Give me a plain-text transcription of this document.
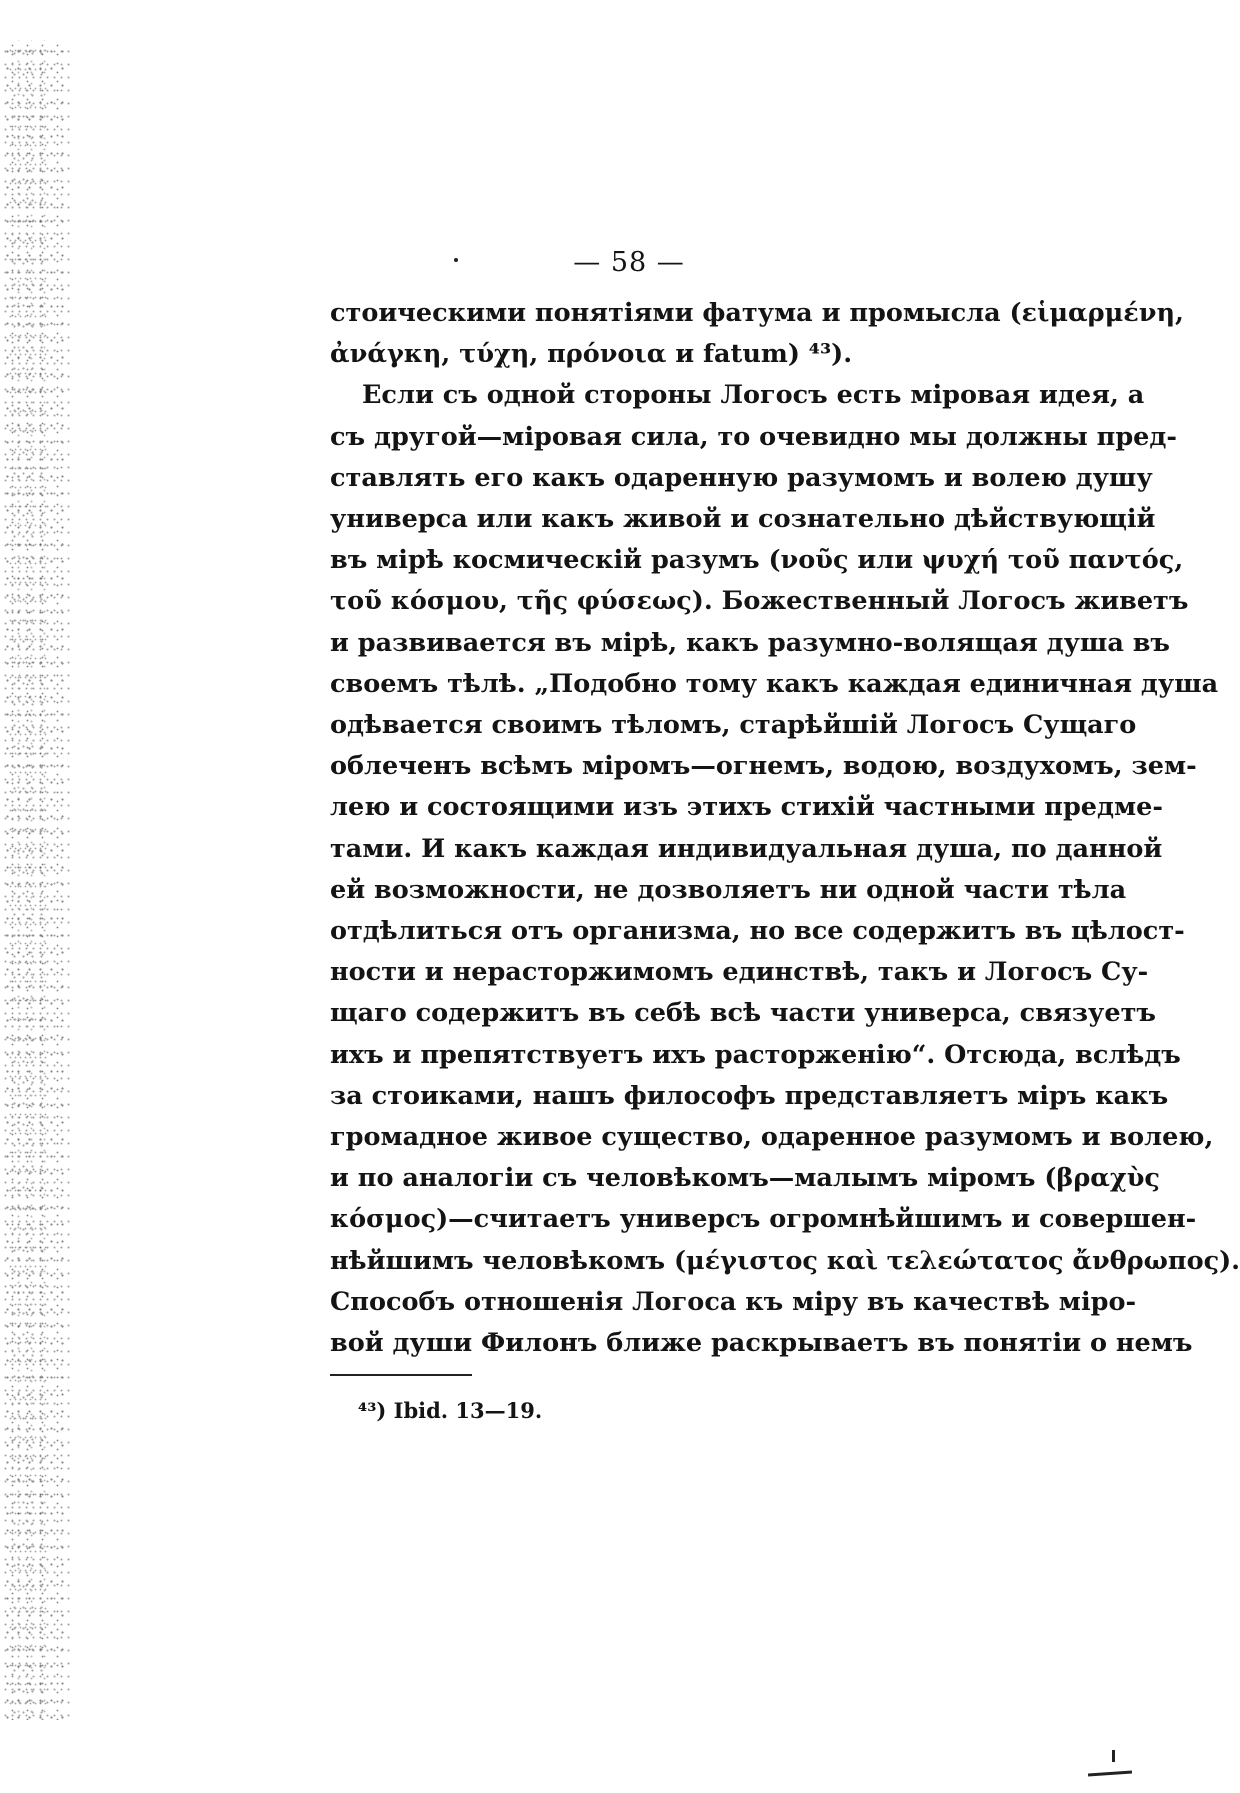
— 58 —
стоическими понятіями фатума и промысла (εἱμαρμένη,
ἀνάγκη, τύχη, πρόνοια и fatum) ⁴³).
Если съ одной стороны Логосъ есть міровая идея, а
съ другой—міровая сила, то очевидно мы должны пред-
ставлять его какъ одаренную разумомъ и волею душу
универса или какъ живой и сознательно дѣйствующій
въ мірѣ космическій разумъ (νοῦς или ψυχή τοῦ παντός,
τοῦ κόσμου, τῆς φύσεως). Божественный Логосъ живетъ
и развивается въ мірѣ, какъ разумно-волящая душа въ
своемъ тѣлѣ. „Подобно тому какъ каждая единичная душа
одѣвается своимъ тѣломъ, старѣйшій Логосъ Сущаго
облеченъ всѣмъ міромъ—огнемъ, водою, воздухомъ, зем-
лею и состоящими изъ этихъ стихій частными предме-
тами. И какъ каждая индивидуальная душа, по данной
ей возможности, не дозволяетъ ни одной части тѣла
отдѣлиться отъ организма, но все содержитъ въ цѣлост-
ности и нерасторжимомъ единствѣ, такъ и Логосъ Су-
щаго содержитъ въ себѣ всѣ части универса, связуетъ
ихъ и препятствуетъ ихъ расторженію“. Отсюда, вслѣдъ
за стоиками, нашъ философъ представляетъ міръ какъ
громадное живое существо, одаренное разумомъ и волею,
и по аналогіи съ человѣкомъ—малымъ міромъ (βραχὺς
κόσμος)—считаетъ универсъ огромнѣйшимъ и совершен-
нѣйшимъ человѣкомъ (μέγιστος καὶ τελεώτατος ἄνθρωπος).
Способъ отношенія Логоса къ міру въ качествѣ міро-
вой души Филонъ ближе раскрываетъ въ понятіи о немъ
⁴³) Ibid. 13—19.
